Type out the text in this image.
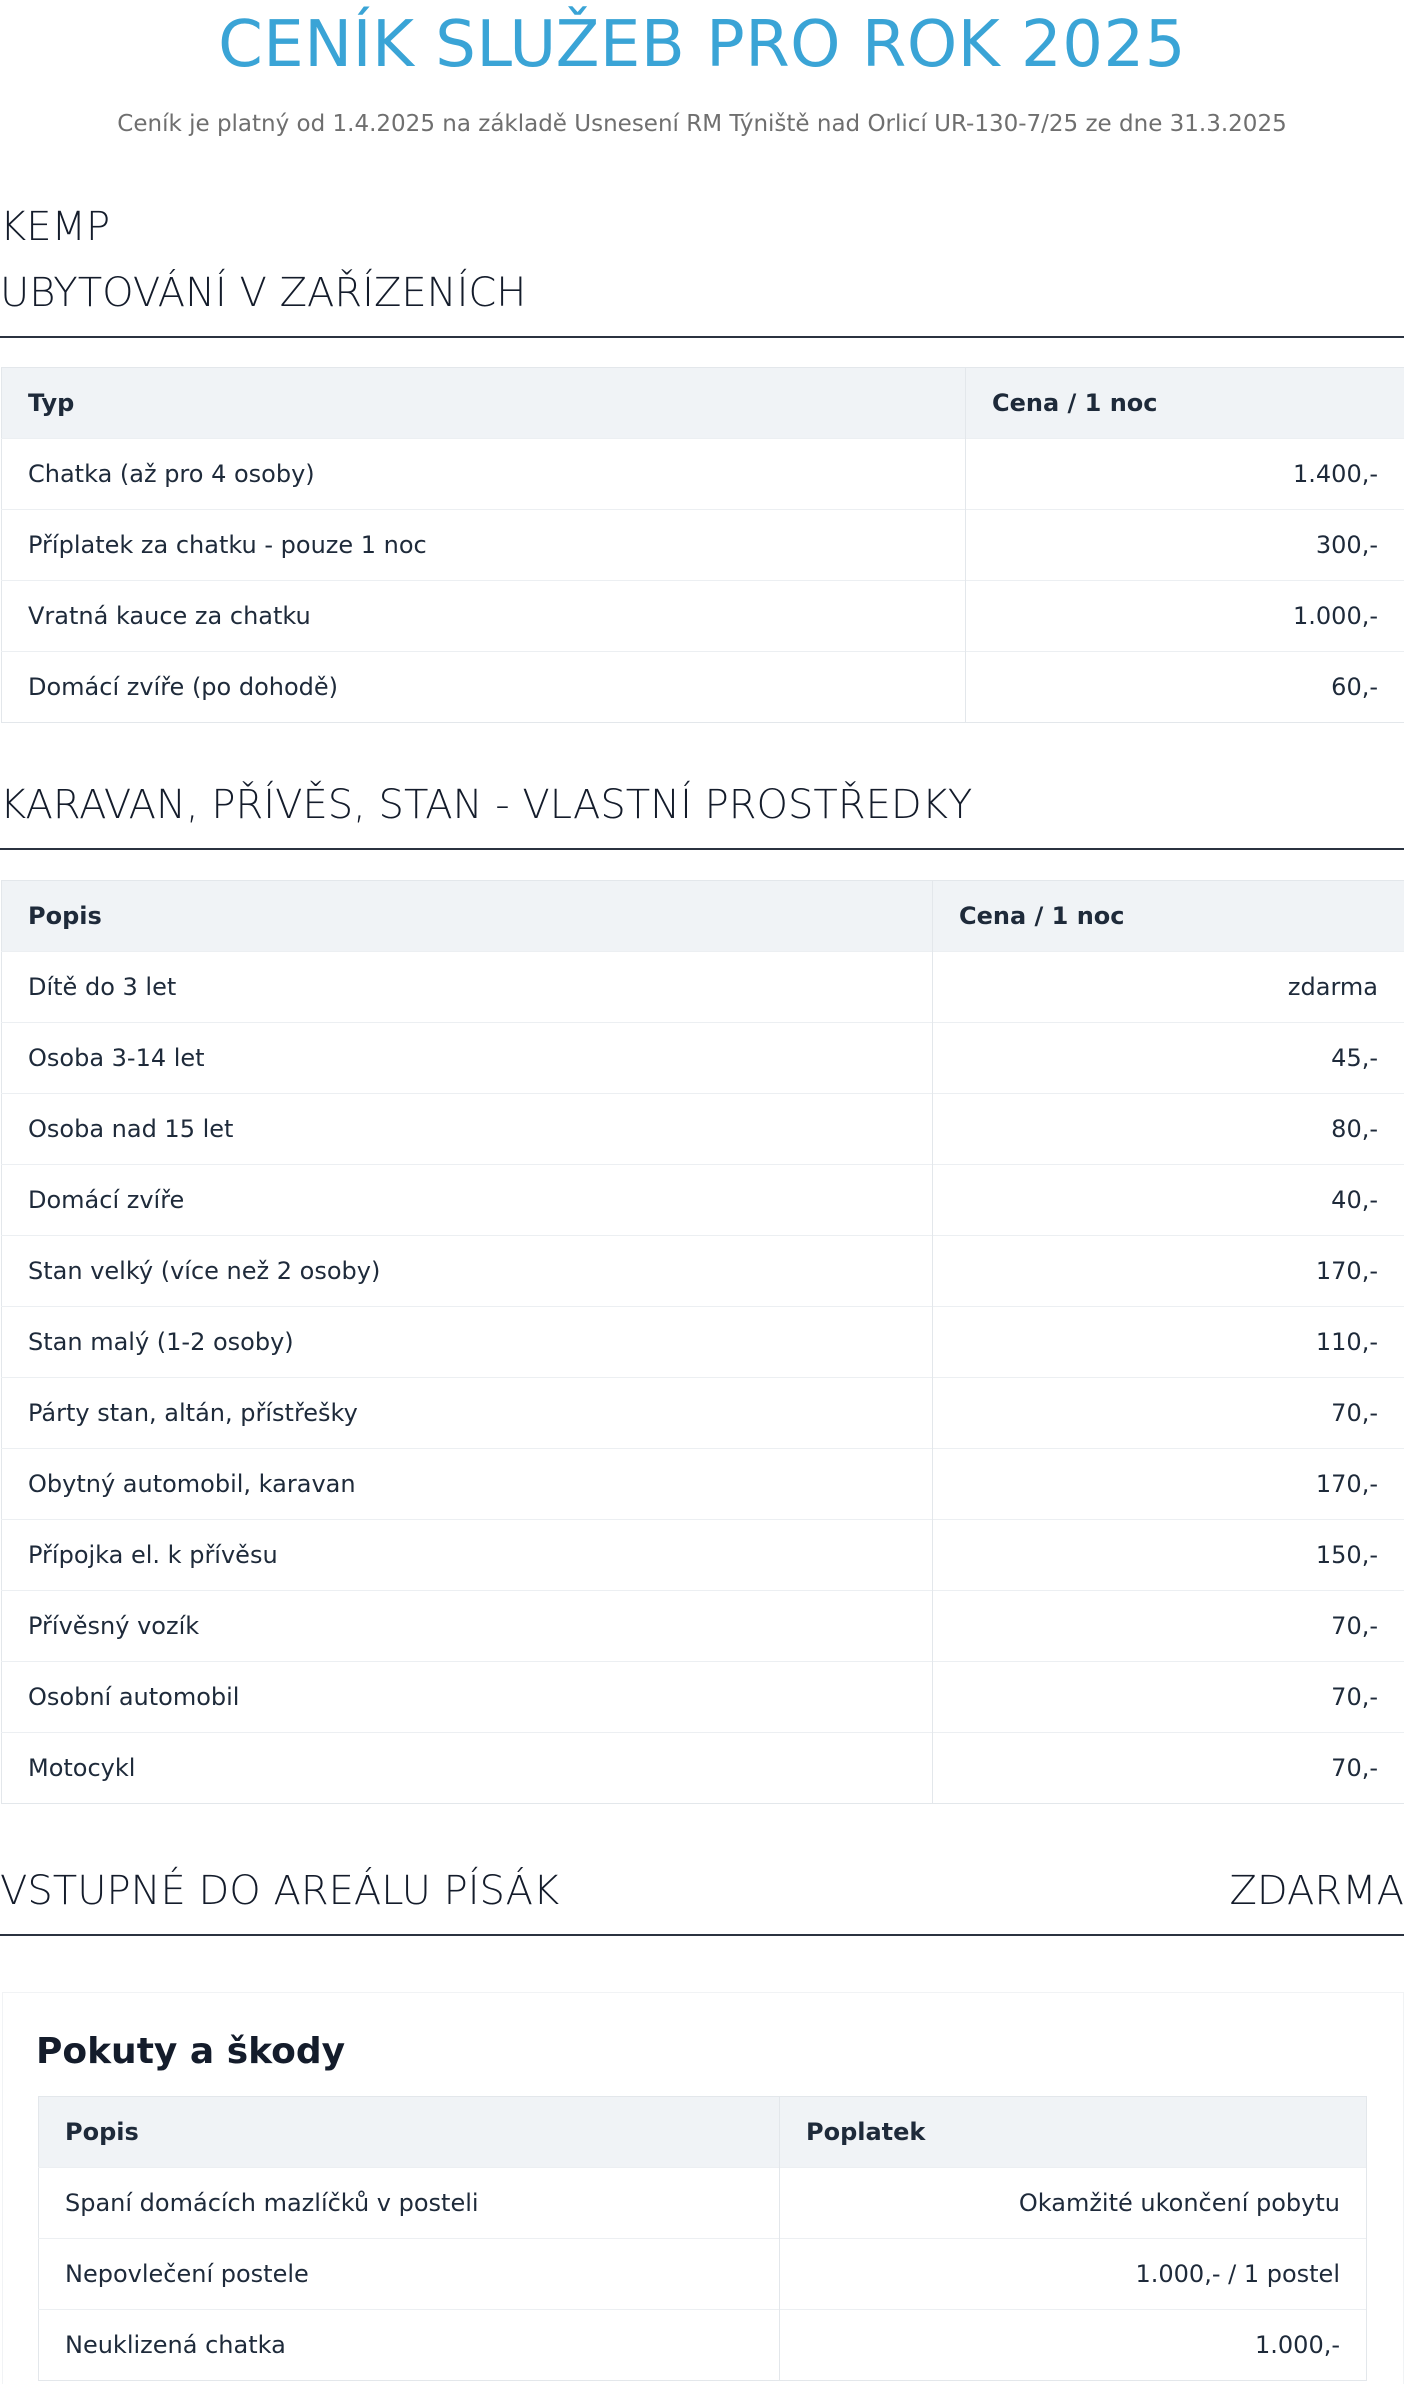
CENÍK SLUŽEB PRO ROK 2025

Ceník je platný od 1.4.2025 na základě Usnesení RM Týniště nad Orlicí UR-130-7/25 ze dne 31.3.2025

KEMP
UBYTOVÁNÍ V ZAŘÍZENÍCH
Typ	Cena / 1 noc
Chatka (až pro 4 osoby)	1.400,-
Příplatek za chatku - pouze 1 noc	300,-
Vratná kauce za chatku	1.000,-
Domácí zvíře (po dohodě)	60,-
KARAVAN, PŘÍVĚS, STAN - VLASTNÍ PROSTŘEDKY
Popis	Cena / 1 noc
Dítě do 3 let	zdarma
Osoba 3-14 let	45,-
Osoba nad 15 let	80,-
Domácí zvíře	40,-
Stan velký (více než 2 osoby)	170,-
Stan malý (1-2 osoby)	110,-
Párty stan, altán, přístřešky	70,-
Obytný automobil, karavan	170,-
Přípojka el. k přívěsu	150,-
Přívěsný vozík	70,-
Osobní automobil	70,-
Motocykl	70,-
VSTUPNÉ DO AREÁLU PÍSÁK	ZDARMA
Pokuty a škody
Popis	Poplatek
Spaní domácích mazlíčků v posteli	Okamžité ukončení pobytu
Nepovlečení postele	1.000,- / 1 postel
Neuklizená chatka	1.000,-
